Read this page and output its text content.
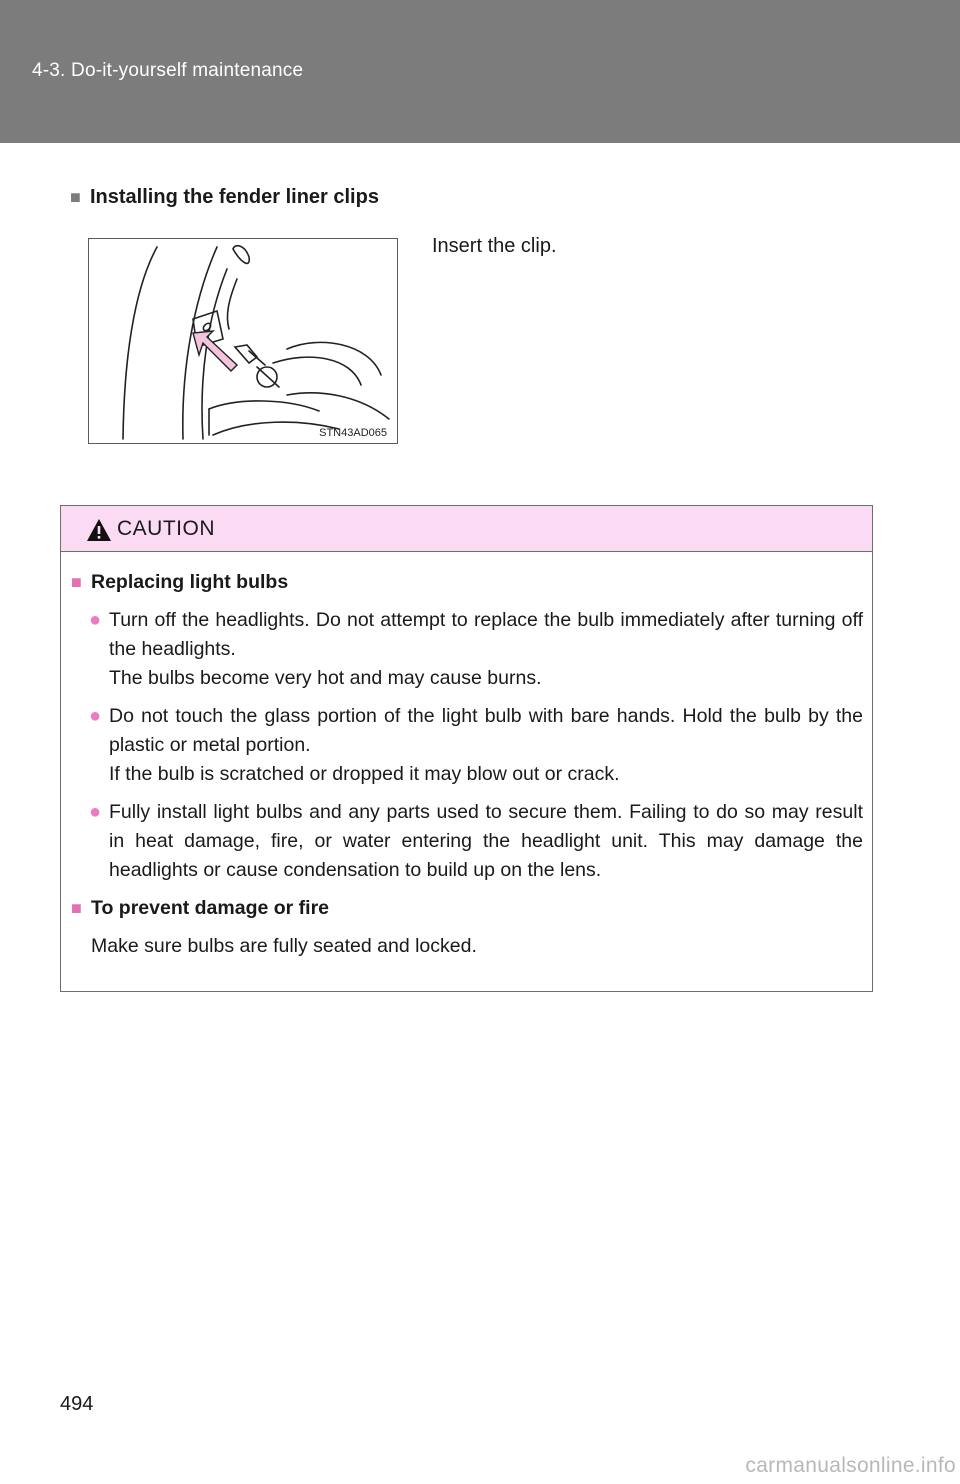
4-3. Do-it-yourself maintenance
■ Installing the fender liner clips
STN43AD065
Insert the clip.
CAUTION
■ Replacing light bulbs
● Turn off the headlights. Do not attempt to replace the bulb immediately after turning off the headlights.
The bulbs become very hot and may cause burns.
● Do not touch the glass portion of the light bulb with bare hands. Hold the bulb by the plastic or metal portion.
If the bulb is scratched or dropped it may blow out or crack.
● Fully install light bulbs and any parts used to secure them. Failing to do so may result in heat damage, fire, or water entering the headlight unit. This may damage the headlights or cause condensation to build up on the lens.
■ To prevent damage or fire
Make sure bulbs are fully seated and locked.
494
carmanualsonline.info
